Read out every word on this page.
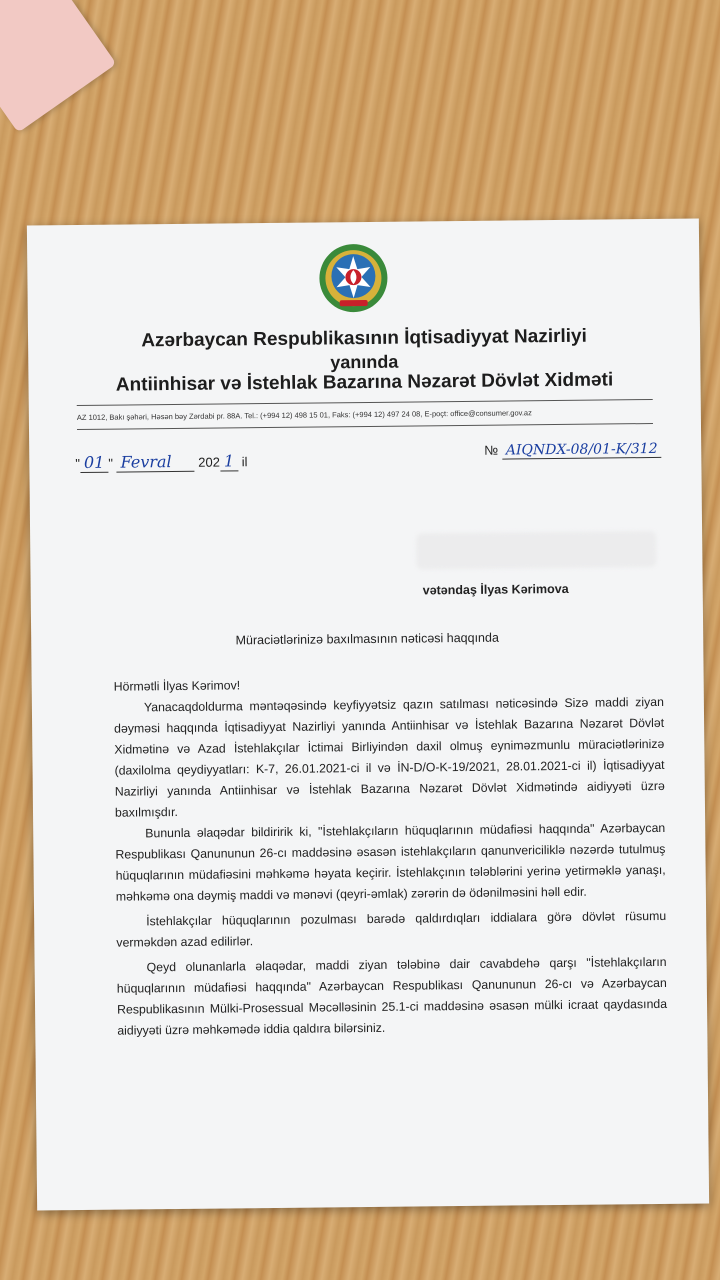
Azərbaycan Respublikasının İqtisadiyyat Nazirliyi
yanında
Antiinhisar və İstehlak Bazarına Nəzarət Dövlət Xidməti
AZ 1012, Bakı şəhəri, Həsən bəy Zərdabi pr. 88A. Tel.: (+994 12) 498 15 01, Faks: (+994 12) 497 24 08, E-poçt: office@consumer.gov.az
" 01 " Fevral 202 1 il
№ AIQNDX-08/01-K/312
vətəndaş İlyas Kərimova
Müraciətlərinizə baxılmasının nəticəsi haqqında

Hörmətli İlyas Kərimov!

Yanacaqdoldurma məntəqəsində keyfiyyətsiz qazın satılması nəticəsində Sizə maddi ziyan dəyməsi haqqında İqtisadiyyat Nazirliyi yanında Antiinhisar və İstehlak Bazarına Nəzarət Dövlət Xidmətinə və Azad İstehlakçılar İctimai Birliyindən daxil olmuş eyniməzmunlu müraciətlərinizə (daxilolma qeydiyyatları: K-7, 26.01.2021-ci il və İN-D/O-K-19/2021, 28.01.2021-ci il) İqtisadiyyat Nazirliyi yanında Antiinhisar və İstehlak Bazarına Nəzarət Dövlət Xidmətində aidiyyəti üzrə baxılmışdır.

Bununla əlaqədar bildiririk ki, "İstehlakçıların hüquqlarının müdafiəsi haqqında" Azərbaycan Respublikası Qanununun 26-cı maddəsinə əsasən istehlakçıların qanunvericiliklə nəzərdə tutulmuş hüquqlarının müdafiəsini məhkəmə həyata keçirir. İstehlakçının tələblərini yerinə yetirməklə yanaşı, məhkəmə ona dəymiş maddi və mənəvi (qeyri-əmlak) zərərin də ödənilməsini həll edir.

İstehlakçılar hüquqlarının pozulması barədə qaldırdıqları iddialara görə dövlət rüsumu verməkdən azad edilirlər.

Qeyd olunanlarla əlaqədar, maddi ziyan tələbinə dair cavabdehə qarşı "İstehlakçıların hüquqlarının müdafiəsi haqqında" Azərbaycan Respublikası Qanununun 26-cı və Azərbaycan Respublikasının Mülki-Prosessual Məcəlləsinin 25.1-ci maddəsinə əsasən mülki icraat qaydasında aidiyyəti üzrə məhkəmədə iddia qaldıra bilərsiniz.
